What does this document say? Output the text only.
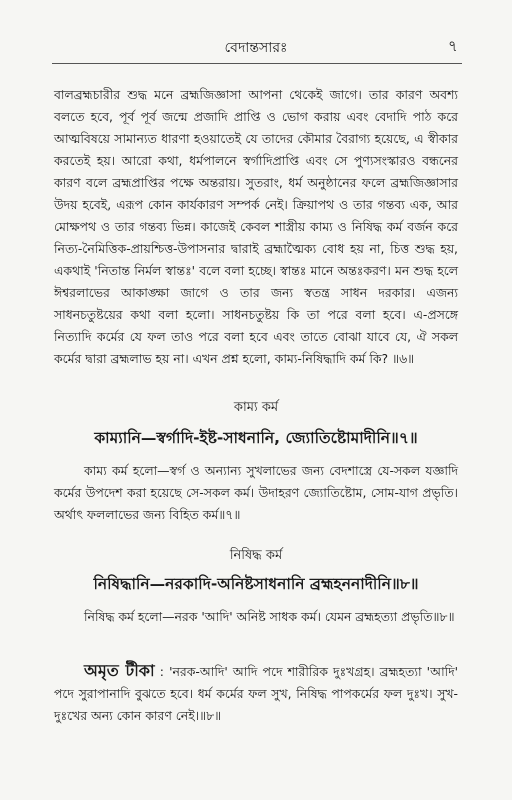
বেদান্তসারঃ	৭

বালব্রহ্মচারীর শুদ্ধ মনে ব্রহ্মজিজ্ঞাসা আপনা থেকেই জাগে। তার কারণ অবশ্য বলতে হবে, পূর্ব পূর্ব জন্মে প্রজাদি প্রাপ্তি ও ভোগ করায় এবং বেদাদি পাঠ করে আত্মবিষয়ে সামান্যত ধারণা হওয়াতেই যে তাদের কৌমার বৈরাগ্য হয়েছে, এ স্বীকার করতেই হয়। আরো কথা, ধর্মপালনে স্বর্গাদিপ্রাপ্তি এবং সে পুণ্যসংস্কারও বন্ধনের কারণ বলে ব্রহ্মপ্রাপ্তির পক্ষে অন্তরায়। সুতরাং, ধর্ম অনুষ্ঠানের ফলে ব্রহ্মজিজ্ঞাসার উদয় হবেই, এরূপ কোন কার্যকারণ সম্পর্ক নেই। ক্রিয়াপথ ও তার গন্তব্য এক, আর মোক্ষপথ ও তার গন্তব্য ভিন্ন। কাজেই কেবল শাস্ত্রীয় কাম্য ও নিষিদ্ধ কর্ম বর্জন করে নিত্য-নৈমিত্তিক-প্রায়শ্চিত্ত-উপাসনার দ্বারাই ব্রহ্মাত্মৈক্য বোধ হয় না, চিত্ত শুদ্ধ হয়, একথাই 'নিতান্ত নির্মল স্বান্তঃ' বলে বলা হচ্ছে। স্বান্তঃ মানে অন্তঃকরণ। মন শুদ্ধ হলে ঈশ্বরলাভের আকাঙ্ক্ষা জাগে ও তার জন্য স্বতন্ত্র সাধন দরকার। এজন্য সাধনচতুষ্টয়ের কথা বলা হলো। সাধনচতুষ্টয় কি তা পরে বলা হবে। এ-প্রসঙ্গে নিত্যাদি কর্মের যে ফল তাও পরে বলা হবে এবং তাতে বোঝা যাবে যে, ঐ সকল কর্মের দ্বারা ব্রহ্মলাভ হয় না। এখন প্রশ্ন হলো, কাম্য-নিষিদ্ধাদি কর্ম কি? ॥৬॥

কাম্য কর্ম
কাম্যানি—স্বর্গাদি-ইষ্ট-সাধনানি, জ্যোতিষ্টোমাদীনি॥৭॥

কাম্য কর্ম হলো—স্বর্গ ও অন্যান্য সুখলাভের জন্য বেদশাস্ত্রে যে-সকল যজ্ঞাদি কর্মের উপদেশ করা হয়েছে সে-সকল কর্ম। উদাহরণ জ্যোতিষ্টোম, সোম-যাগ প্রভৃতি। অর্থাৎ ফললাভের জন্য বিহিত কর্ম॥৭॥

নিষিদ্ধ কর্ম
নিষিদ্ধানি—নরকাদি-অনিষ্টসাধনানি ব্রহ্মহননাদীনি॥৮॥

নিষিদ্ধ কর্ম হলো—নরক 'আদি' অনিষ্ট সাধক কর্ম। যেমন ব্রহ্মহত্যা প্রভৃতি॥৮॥

অমৃত টীকা : 'নরক-আদি' আদি পদে শারীরিক দুঃখগ্রহ। ব্রহ্মহত্যা 'আদি' পদে সুরাপানাদি বুঝতে হবে। ধর্ম কর্মের ফল সুখ, নিষিদ্ধ পাপকর্মের ফল দুঃখ। সুখ-দুঃখের অন্য কোন কারণ নেই।॥৮॥
